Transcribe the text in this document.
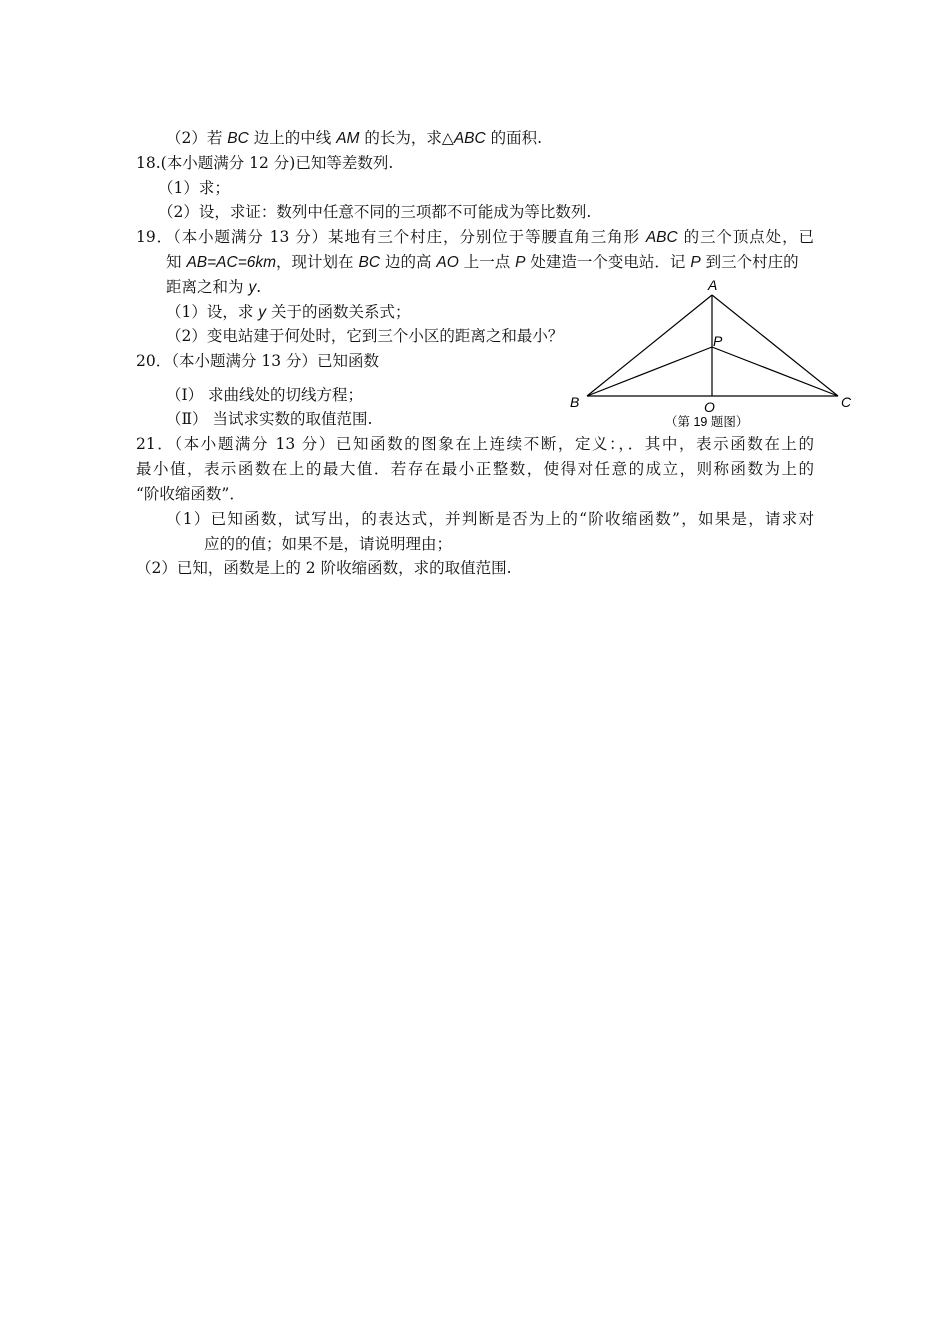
（2）若 BC 边上的中线 AM 的长为，求△ABC 的面积.
18.(本小题满分 12 分)已知等差数列.
（1）求；
（2）设，求证：数列中任意不同的三项都不可能成为等比数列.
19．（本小题满分 13 分）某地有三个村庄，分别位于等腰直角三角形 ABC 的三个顶点处，已
知 AB=AC=6km，现计划在 BC 边的高 AO 上一点 P 处建造一个变电站．记 P 到三个村庄的
距离之和为 y.
（1）设，求 y 关于的函数关系式；
（2）变电站建于何处时，它到三个小区的距离之和最小？
A
P
B	O	C
（第 19 题图）
20．（本小题满分 13 分）已知函数
（Ⅰ） 求曲线处的切线方程；
（Ⅱ） 当试求实数的取值范围.
21．（本小题满分 13 分）已知函数的图象在上连续不断，定义：，．其中，表示函数在上的
最小值，表示函数在上的最大值．若存在最小正整数，使得对任意的成立，则称函数为上的
“阶收缩函数”．
（1）已知函数，试写出，的表达式，并判断是否为上的“阶收缩函数”，如果是，请求对
应的的值；如果不是，请说明理由；
（2）已知，函数是上的 2 阶收缩函数，求的取值范围.
